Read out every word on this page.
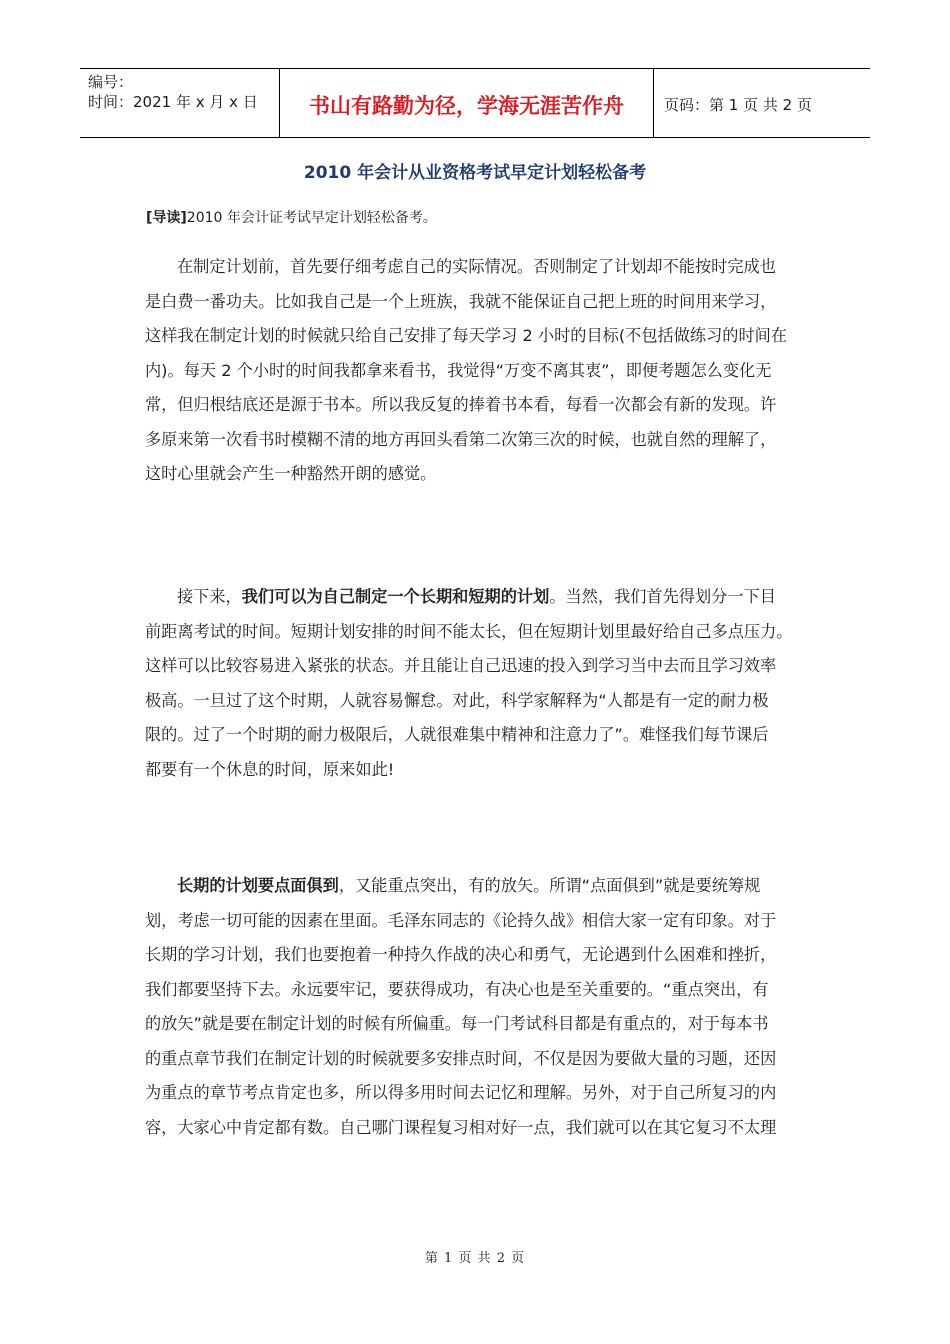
编号：
时间：2021 年 x 月 x 日	书山有路勤为径，学海无涯苦作舟	页码：第 1 页 共 2 页
2010 年会计从业资格考试早定计划轻松备考
[导读]2010 年会计证考试早定计划轻松备考。
在制定计划前，首先要仔细考虑自己的实际情况。否则制定了计划却不能按时完成也
是白费一番功夫。比如我自己是一个上班族，我就不能保证自己把上班的时间用来学习，
这样我在制定计划的时候就只给自己安排了每天学习 2 小时的目标(不包括做练习的时间在
内)。每天 2 个小时的时间我都拿来看书，我觉得“万变不离其衷”，即便考题怎么变化无
常，但归根结底还是源于书本。所以我反复的捧着书本看，每看一次都会有新的发现。许
多原来第一次看书时模糊不清的地方再回头看第二次第三次的时候，也就自然的理解了，
这时心里就会产生一种豁然开朗的感觉。
接下来，我们可以为自己制定一个长期和短期的计划。当然，我们首先得划分一下目
前距离考试的时间。短期计划安排的时间不能太长，但在短期计划里最好给自己多点压力。
这样可以比较容易进入紧张的状态。并且能让自己迅速的投入到学习当中去而且学习效率
极高。一旦过了这个时期，人就容易懈怠。对此，科学家解释为“人都是有一定的耐力极
限的。过了一个时期的耐力极限后，人就很难集中精神和注意力了”。难怪我们每节课后
都要有一个休息的时间，原来如此!
长期的计划要点面俱到，又能重点突出，有的放矢。所谓“点面俱到”就是要统筹规
划，考虑一切可能的因素在里面。毛泽东同志的《论持久战》相信大家一定有印象。对于
长期的学习计划，我们也要抱着一种持久作战的决心和勇气，无论遇到什么困难和挫折，
我们都要坚持下去。永远要牢记，要获得成功，有决心也是至关重要的。“重点突出，有
的放矢”就是要在制定计划的时候有所偏重。每一门考试科目都是有重点的，对于每本书
的重点章节我们在制定计划的时候就要多安排点时间，不仅是因为要做大量的习题，还因
为重点的章节考点肯定也多，所以得多用时间去记忆和理解。另外，对于自己所复习的内
容，大家心中肯定都有数。自己哪门课程复习相对好一点，我们就可以在其它复习不太理
第 1 页 共 2 页
